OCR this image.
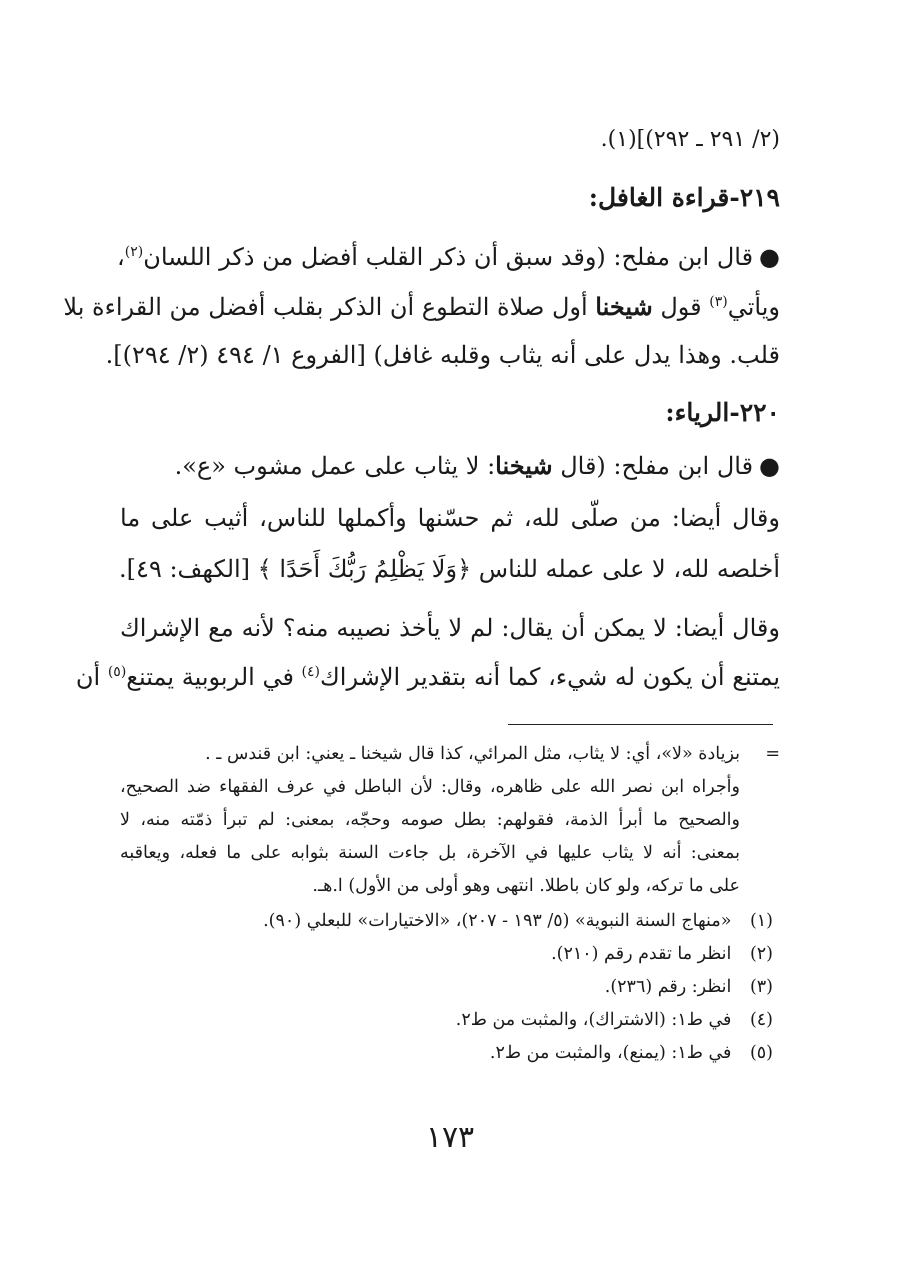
(٢/ ٢٩١ ـ ٢٩٢)](١).
٢١٩-قراءة الغافل:
●قال ابن مفلح: (وقد سبق أن ذكر القلب أفضل من ذكر اللسان$^{(٢)}$،
ويأتي$^{(٣)}$ قول شيخنا أول صلاة التطوع أن الذكر بقلب أفضل من القراءة بلا
قلب. وهذا يدل على أنه يثاب وقلبه غافل) [الفروع ١/ ٤٩٤ (٢/ ٢٩٤)].
٢٢٠-الرياء:
●قال ابن مفلح: (قال شيخنا: لا يثاب على عمل مشوب «ع».
وقال أيضا: من صلّى لله، ثم حسّنها وأكملها للناس، أثيب على ما
أخلصه لله، لا على عمله للناس ﴿وَلَا يَظْلِمُ رَبُّكَ أَحَدًا ﴾ [الكهف: ٤٩].
وقال أيضا: لا يمكن أن يقال: لم لا يأخذ نصيبه منه؟ لأنه مع الإشراك
يمتنع أن يكون له شيء، كما أنه بتقدير الإشراك$^{(٤)}$ في الربوبية يمتنع$^{(٥)}$ أن
=
بزيادة «لا»، أي: لا يثاب، مثل المرائي، كذا قال شيخنا ـ يعني: ابن قندس ـ .
وأجراه ابن نصر الله على ظاهره، وقال: لأن الباطل في عرف الفقهاء ضد الصحيح،
والصحيح ما أبرأ الذمة، فقولهم: بطل صومه وحجّه، بمعنى: لم تبرأ ذمّته منه، لا
بمعنى: أنه لا يثاب عليها في الآخرة، بل جاءت السنة بثوابه على ما فعله، ويعاقبه
على ما تركه، ولو كان باطلا. انتهى وهو أولى من الأول) ا.هـ.
(١) «منهاج السنة النبوية» (٥/ ١٩٣ - ٢٠٧)، «الاختيارات» للبعلي (٩٠).
(٢) انظر ما تقدم رقم (٢١٠).
(٣) انظر: رقم (٢٣٦).
(٤) في ط١: (الاشتراك)، والمثبت من ط٢.
(٥) في ط١: (يمنع)، والمثبت من ط٢.
١٧٣
